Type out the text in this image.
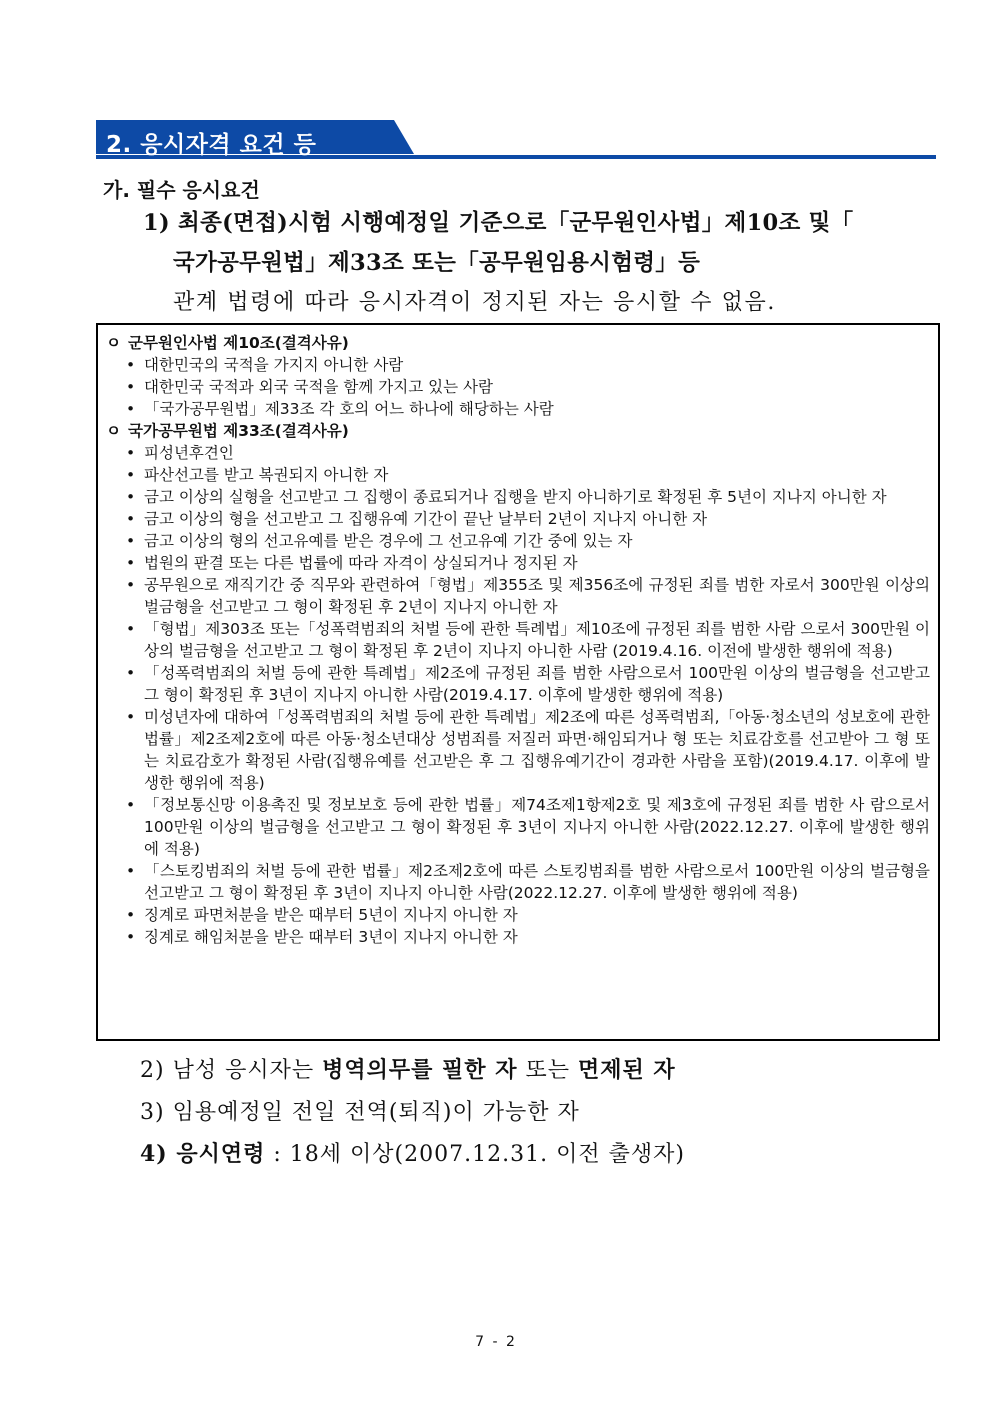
2. 응시자격 요건 등
가. 필수 응시요건
1) 최종(면접)시험 시행예정일 기준으로「군무원인사법」제10조 및「
국가공무원법」제33조 또는「공무원임용시험령」등
관계 법령에 따라 응시자격이 정지된 자는 응시할 수 없음.
ㅇ 군무원인사법 제10조(결격사유)
• 대한민국의 국적을 가지지 아니한 사람
• 대한민국 국적과 외국 국적을 함께 가지고 있는 사람
• 「국가공무원법」제33조 각 호의 어느 하나에 해당하는 사람
ㅇ 국가공무원법 제33조(결격사유)
• 피성년후견인
• 파산선고를 받고 복권되지 아니한 자
• 금고 이상의 실형을 선고받고 그 집행이 종료되거나 집행을 받지 아니하기로 확정된 후 5년이 지나지 아니한 자
• 금고 이상의 형을 선고받고 그 집행유예 기간이 끝난 날부터 2년이 지나지 아니한 자
• 금고 이상의 형의 선고유예를 받은 경우에 그 선고유예 기간 중에 있는 자
• 법원의 판결 또는 다른 법률에 따라 자격이 상실되거나 정지된 자
• 공무원으로 재직기간 중 직무와 관련하여「형법」제355조 및 제356조에 규정된 죄를 범한 자로서 300만원 이상의 벌금형을 선고받고 그 형이 확정된 후 2년이 지나지 아니한 자
• 「형법」제303조 또는「성폭력범죄의 처벌 등에 관한 특례법」제10조에 규정된 죄를 범한 사람 으로서 300만원 이상의 벌금형을 선고받고 그 형이 확정된 후 2년이 지나지 아니한 사람 (2019.4.16. 이전에 발생한 행위에 적용)
• 「성폭력범죄의 처벌 등에 관한 특례법」제2조에 규정된 죄를 범한 사람으로서 100만원 이상의 벌금형을 선고받고 그 형이 확정된 후 3년이 지나지 아니한 사람(2019.4.17. 이후에 발생한 행위에 적용)
• 미성년자에 대하여「성폭력범죄의 처벌 등에 관한 특례법」제2조에 따른 성폭력범죄,「아동·청소년의 성보호에 관한 법률」제2조제2호에 따른 아동·청소년대상 성범죄를 저질러 파면·해임되거나 형 또는 치료감호를 선고받아 그 형 또는 치료감호가 확정된 사람(집행유예를 선고받은 후 그 집행유예기간이 경과한 사람을 포함)(2019.4.17. 이후에 발생한 행위에 적용)
• 「정보통신망 이용촉진 및 정보보호 등에 관한 법률」제74조제1항제2호 및 제3호에 규정된 죄를 범한 사 람으로서 100만원 이상의 벌금형을 선고받고 그 형이 확정된 후 3년이 지나지 아니한 사람(2022.12.27. 이후에 발생한 행위에 적용)
• 「스토킹범죄의 처벌 등에 관한 법률」제2조제2호에 따른 스토킹범죄를 범한 사람으로서 100만원 이상의 벌금형을 선고받고 그 형이 확정된 후 3년이 지나지 아니한 사람(2022.12.27. 이후에 발생한 행위에 적용)
• 징계로 파면처분을 받은 때부터 5년이 지나지 아니한 자
• 징계로 해임처분을 받은 때부터 3년이 지나지 아니한 자
2) 남성 응시자는 병역의무를 필한 자 또는 면제된 자
3) 임용예정일 전일 전역(퇴직)이 가능한 자
4) 응시연령 : 18세 이상(2007.12.31. 이전 출생자)
7 - 2
